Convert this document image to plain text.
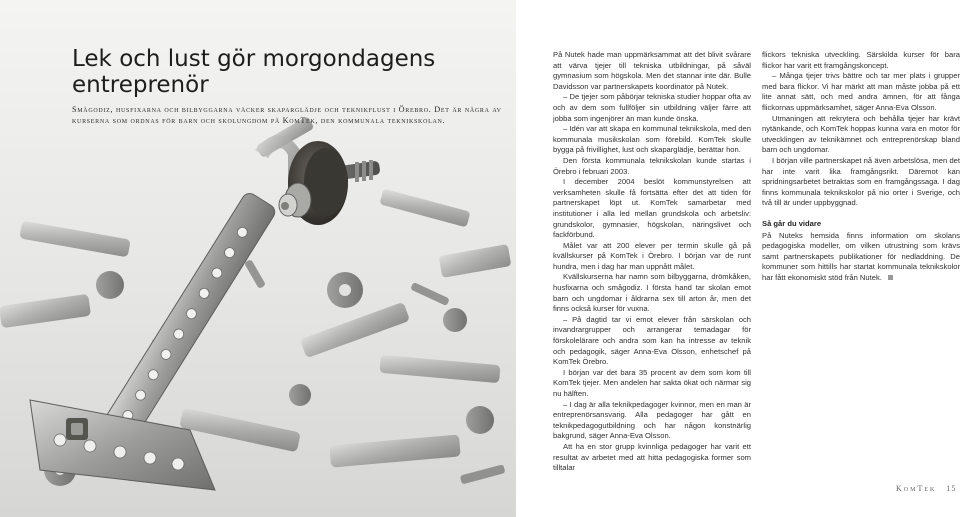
Lek och lust gör morgondagens entreprenör

Smågodiz, husfixarna och bilbyggarna väcker skaparglädje och teknikflust i Örebro. Det är några av kurserna som ordnas för barn och skolungdom på KomTek, den kommunala teknikskolan.

På Nutek hade man uppmärksammat att det blivit svårare att värva tjejer till tekniska utbildningar, på såväl gymnasium som högskola. Men det stannar inte där. Bulle Davidsson var partnerskapets koordinator på Nutek.

– De tjejer som påbörjar tekniska studier hoppar ofta av och av dem som fullföljer sin utbildning väljer färre att jobba som ingenjörer än man kunde önska.

– Idén var att skapa en kommunal teknikskola, med den kommunala musikskolan som förebild. KomTek skulle bygga på frivillighet, lust och skaparglädje, berättar hon.

Den första kommunala teknikskolan kunde startas i Örebro i februari 2003.

I december 2004 beslöt kommunstyrelsen att verksamheten skulle få fortsätta efter det att tiden för partnerskapet löpt ut. KomTek samarbetar med institutioner i alla led mellan grundskola och arbetsliv: grundskolor, gymnasier, högskolan, näringslivet och fackförbund.

Målet var att 200 elever per termin skulle gå på kvällskurser på KomTek i Örebro. I början var de runt hundra, men i dag har man uppnått målet.

Kvällskurserna har namn som bilbyggarna, drömkåken, husfixarna och smågodiz. I första hand tar skolan emot barn och ungdomar i åldrarna sex till arton år, men det finns också kurser för vuxna.

– På dagtid tar vi emot elever från särskolan och invandrargrupper och arrangerar temadagar för förskolelärare och andra som kan ha intresse av teknik och pedagogik, säger Anna-Eva Olsson, enhetschef på KomTek Örebro.

I början var det bara 35 procent av dem som kom till KomTek tjejer. Men andelen har sakta ökat och närmar sig nu hälften.

– I dag är alla teknikpedagoger kvinnor, men en man är entreprenörsansvarig. Alla pedagoger har gått en teknikpedagogutbildning och har någon konstnärlig bakgrund, säger Anna-Eva Olsson.

Att ha en stor grupp kvinnliga pedagoger har varit ett resultat av arbetet med att hitta pedagogiska former som tilltalar

flickors tekniska utveckling. Särskilda kurser för bara flickor har varit ett framgångskoncept.

– Många tjejer trivs bättre och tar mer plats i grupper med bara flickor. Vi har märkt att man måste jobba på ett lite annat sätt, och med andra ämnen, för att fånga flickornas uppmärksamhet, säger Anna-Eva Olsson.

Utmaningen att rekrytera och behålla tjejer har krävt nytänkande, och KomTek hoppas kunna vara en motor för utvecklingen av teknikämnet och entreprenörskap bland barn och ungdomar.

I början ville partnerskapet nå även arbetslösa, men det har inte varit lika framgångsrikt. Däremot kan spridningsarbetet betraktas som en framgångssaga. I dag finns kommunala teknikskolor på nio orter i Sverige, och två till är under uppbyggnad.

Så går du vidare

På Nuteks hemsida finns information om skolans pedagogiska modeller, om vilken utrustning som krävs samt partnerskapets publikationer för nedladdning. De kommuner som hittills har startat kommunala teknikskolor har fått ekonomiskt stöd från Nutek.

KomTek 15
